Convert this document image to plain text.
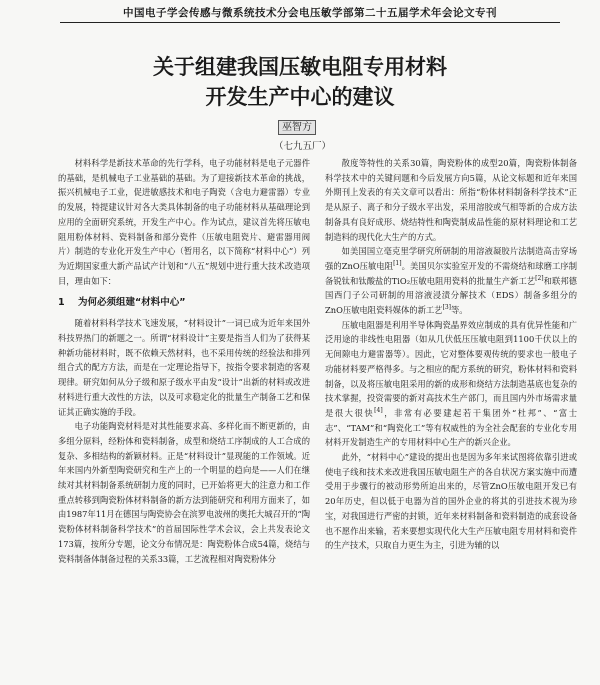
中国电子学会传感与微系统技术分会电压敏学部第二十五届学术年会论文专刊
关于组建我国压敏电阻专用材料
开发生产中心的建议
巫智方
（七九五厂）

材料科学是新技术革命的先行学科，电子功能材料是电子元器件的基础，是机械电子工业基础的基础。为了迎接新技术革命的挑战，振兴机械电子工业，促进敏感技术和电子陶瓷（含电力避雷器）专业的发展，特提建议针对各大类具体制备的电子功能材料从基础理论到应用的全面研究系统，开发生产中心。作为试点，建议首先将压敏电阻用粉体材料、瓷料制备和部分瓷件（压敏电阻瓷片、避雷器用阀片）制造的专业化开发生产中心（暂用名，以下简称“材料中心”）列为近期国家重大新产品试产计划和“八五”规划中进行重大技术改造项目，理由如下：

1 为何必须组建“材料中心”

随着材料科学技术飞速发展，“材料设计”一词已成为近年来国外科技界热门的新题之一。所谓“材料设计”主要是指当人们为了获得某种新功能材料时，既不依赖天然材料，也不采用传统的经验法和排列组合式的配方方法，而是在一定理论指导下，按指令要求制造的客观现律。研究如何从分子级和原子级水平由发“设计”出新的材料或改进材料进行重大改性的方法，以及可求稳定化的批量生产制备工艺和保证其正确实施的手段。

电子功能陶瓷材料是对其性能要求高、多样化而不断更新的，由多组分原料，经粉体和瓷料制备，成型和烧结工序制成的人工合成的复杂、多相结构的新颖材料。正是“材料设计”显现能的工作领域。近年来国内外新型陶瓷研究和生产上的一个明显的趋向是——人们在继续对其材料制备系统研制力度的同时，已开始将更大的注意力和工作重点转移到陶瓷粉体材料制备的新方法到能研究和利用方面来了，如由1987年11月在德国与陶瓷协会在滨罗电波州的奥托大城召开的“陶瓷粉体材料制备科学技术”的首届国际性学术会议，会上共发表论文173篇，按所分专题，论文分布情况是：陶瓷粉体合成54篇，烧结与瓷料制备体制备过程的关系33篇，工艺流程相对陶瓷粉体分

散度等特性的关系30篇，陶瓷粉体的成型20篇，陶瓷粉体制备科学技术中的关键问题和今后发展方向5篇，从论文标题和近年来国外期刊上发表的有关文章可以看出：所指“粉体材料制备科学技术”正是从原子、离子和分子级水平出发，采用溶胶或气相等新的合成方法制备具有良好成形、烧结特性和陶瓷制成品性能的原材料理论和工艺制造料的现代化大生产的方式。

如美国国立毫克里学研究所研制的用溶液凝胶片法制造高击穿场强的ZnO压敏电阻[1]。美国贝尔实验室开发的不需烧结和球磨工序制备锐钛和钛酸盐的TiO₂压敏电阻用瓷料的批量生产新工艺[2]和联邦德国西门子公司研制的用溶液浸渍分解技术（EDS）制备多组分的ZnO压敏电阻瓷料媒体的新工艺[3]等。

压敏电阻器是利用半导体陶瓷晶界效应制成的具有优异性能和广泛用途的非线性电阻器（如从几伏低压压敏电阻到1100千伏以上的无间隙电力避雷器等）。因此，它对整体要观传统的要求也一般电子功能材料要严格得多。与之相应的配方系统的研究，粉体材料和瓷料制备，以及将压敏电阻采用的新的成形和烧结方法制造基底也复杂的技术掌握，投资需要的新对高技术生产部门，而且国内外市场需求量是很大很快[4]，非常有必要建起若干集团外“杜邦”、“富士志”、“TAM”和“陶瓷化工”等有权威性的为全社会配套的专业化专用材料开发制造生产的专用材料中心生产的新兴企业。

此外，“材料中心”建设的提出也是因为多年来试图将依靠引进或使电子线和技术来改进我国压敏电阻生产的各自状况方案实施中而遭受用于步骤行的被动形势所迫出来的，尽管ZnO压敏电阻开发已有20年历史，但以低于电器为首的国外企业的将其的引进技术视为珍宝，对我国进行严密的封锁，近年来材料制备和瓷料制造的成套设备也不愿作出来输，若来要想实现代化大生产压敏电阻专用材料和瓷件的生产技术，只取自力更生为主，引进为辅的以
